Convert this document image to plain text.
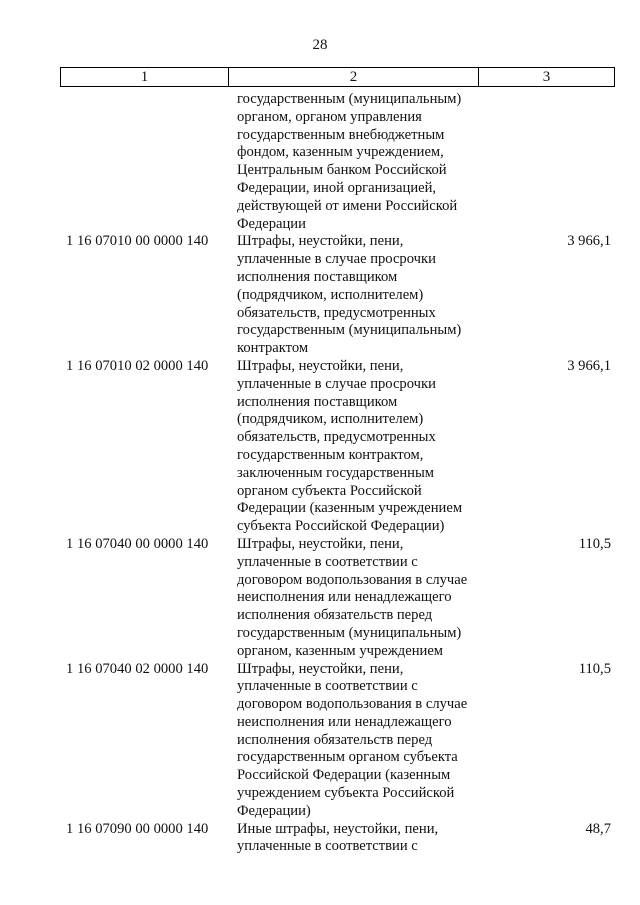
28
1	2	3
государственным (муниципальным)
органом, органом управления
государственным внебюджетным
фондом, казенным учреждением,
Центральным банком Российской
Федерации, иной организацией,
действующей от имени Российской
Федерации
1 16 07010 00 0000 140	Штрафы, неустойки, пени,
уплаченные в случае просрочки
исполнения поставщиком
(подрядчиком, исполнителем)
обязательств, предусмотренных
государственным (муниципальным)
контрактом
3 966,1
1 16 07010 02 0000 140	Штрафы, неустойки, пени,
уплаченные в случае просрочки
исполнения поставщиком
(подрядчиком, исполнителем)
обязательств, предусмотренных
государственным контрактом,
заключенным государственным
органом субъекта Российской
Федерации (казенным учреждением
субъекта Российской Федерации)
3 966,1
1 16 07040 00 0000 140	Штрафы, неустойки, пени,
уплаченные в соответствии с
договором водопользования в случае
неисполнения или ненадлежащего
исполнения обязательств перед
государственным (муниципальным)
органом, казенным учреждением
110,5
1 16 07040 02 0000 140	Штрафы, неустойки, пени,
уплаченные в соответствии с
договором водопользования в случае
неисполнения или ненадлежащего
исполнения обязательств перед
государственным органом субъекта
Российской Федерации (казенным
учреждением субъекта Российской
Федерации)
110,5
1 16 07090 00 0000 140	Иные штрафы, неустойки, пени,
уплаченные в соответствии с
48,7
